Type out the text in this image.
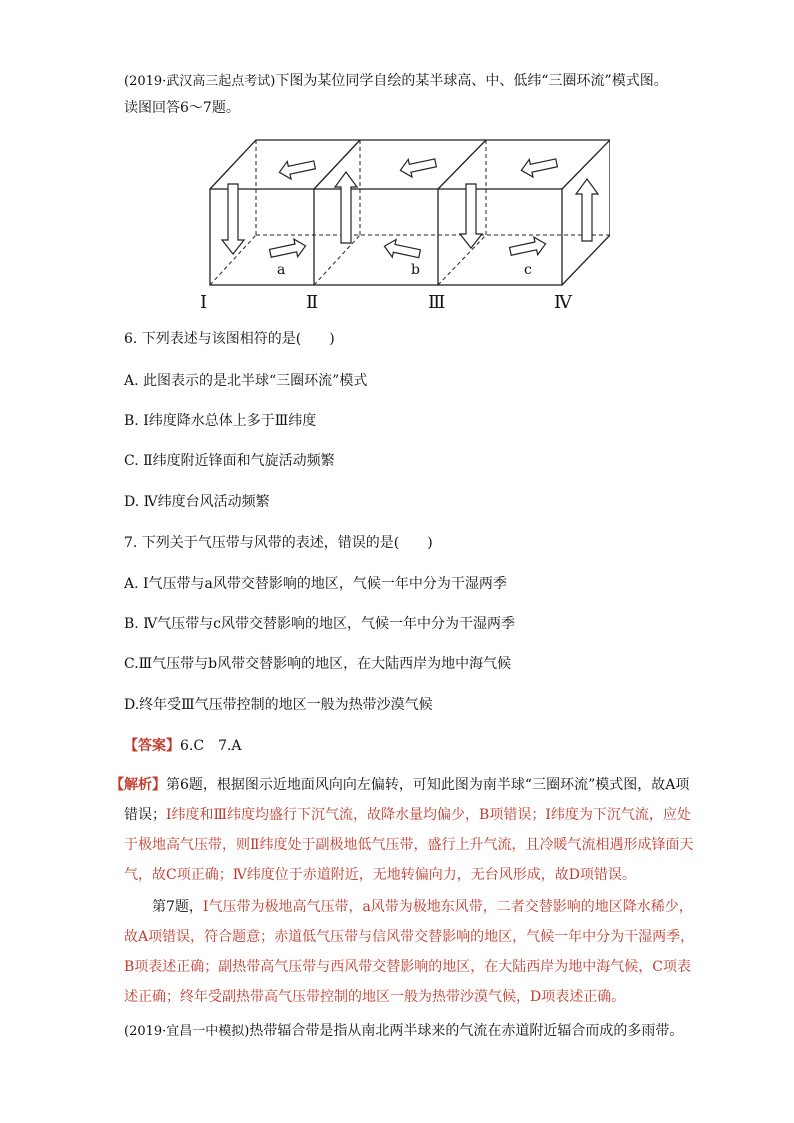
(2019·武汉高三起点考试)下图为某位同学自绘的某半球高、中、低纬“三圈环流”模式图。
读图回答6～7题。
a	b	c
Ⅰ	Ⅱ	Ⅲ	Ⅳ
6. 下列表述与该图相符的是(　　)
A. 此图表示的是北半球“三圈环流”模式
B. Ⅰ纬度降水总体上多于Ⅲ纬度
C. Ⅱ纬度附近锋面和气旋活动频繁
D. Ⅳ纬度台风活动频繁
7. 下列关于气压带与风带的表述，错误的是(　　)
A. Ⅰ气压带与a风带交替影响的地区，气候一年中分为干湿两季
B. Ⅳ气压带与c风带交替影响的地区，气候一年中分为干湿两季
C.Ⅲ气压带与b风带交替影响的地区，在大陆西岸为地中海气候
D.终年受Ⅲ气压带控制的地区一般为热带沙漠气候
【答案】6.C　7.A
【解析】第6题，根据图示近地面风向向左偏转，可知此图为南半球“三圈环流”模式图，故A项错误；Ⅰ纬度和Ⅲ纬度均盛行下沉气流，故降水量均偏少，B项错误；Ⅰ纬度为下沉气流，应处于极地高气压带，则Ⅱ纬度处于副极地低气压带，盛行上升气流，且冷暖气流相遇形成锋面天气，故C项正确；Ⅳ纬度位于赤道附近，无地转偏向力，无台风形成，故D项错误。
第7题，Ⅰ气压带为极地高气压带，a风带为极地东风带，二者交替影响的地区降水稀少，故A项错误，符合题意；赤道低气压带与信风带交替影响的地区，气候一年中分为干湿两季，B项表述正确；副热带高气压带与西风带交替影响的地区，在大陆西岸为地中海气候，C项表述正确；终年受副热带高气压带控制的地区一般为热带沙漠气候，D项表述正确。
(2019·宜昌一中模拟)热带辐合带是指从南北两半球来的气流在赤道附近辐合而成的多雨带。
